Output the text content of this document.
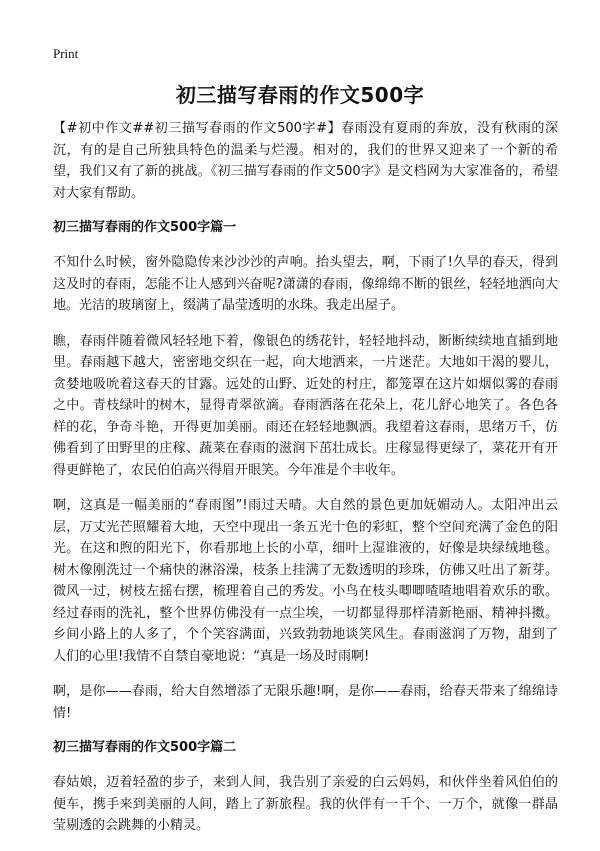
Print
初三描写春雨的作文500字

【#初中作文##初三描写春雨的作文500字#】春雨没有夏雨的奔放，没有秋雨的深沉，有的是自己所独具特色的温柔与烂漫。相对的，我们的世界又迎来了一个新的希望，我们又有了新的挑战。《初三描写春雨的作文500字》是文档网为大家准备的，希望对大家有帮助。

初三描写春雨的作文500字篇一

不知什么时候，窗外隐隐传来沙沙沙的声响。抬头望去，啊，下雨了!久旱的春天，得到这及时的春雨，怎能不让人感到兴奋呢?潇潇的春雨，像绵绵不断的银丝，轻轻地洒向大地。光洁的玻璃窗上，缀满了晶莹透明的水珠。我走出屋子。

瞧，春雨伴随着微风轻轻地下着，像银色的绣花针，轻轻地抖动，断断续续地直插到地里。春雨越下越大，密密地交织在一起，向大地洒来，一片迷茫。大地如干渴的婴儿，贪婪地吸吮着这春天的甘露。远处的山野、近处的村庄，都笼罩在这片如烟似雾的春雨之中。青枝绿叶的树木，显得青翠欲滴。春雨洒落在花朵上，花儿舒心地笑了。各色各样的花，争奇斗艳，开得更加美丽。雨还在轻轻地飘洒。我望着这春雨，思绪万千，仿佛看到了田野里的庄稼、蔬菜在春雨的滋润下茁壮成长。庄稼显得更绿了，菜花开有开得更鲜艳了，农民伯伯高兴得眉开眼笑。今年准是个丰收年。

啊，这真是一幅美丽的“春雨图”!雨过天晴。大自然的景色更加妩媚动人。太阳冲出云层，万丈光芒照耀着大地，天空中现出一条五光十色的彩虹，整个空间充满了金色的阳光。在这和煦的阳光下，你看那地上长的小草，细叶上湿谁液的，好像是块绿绒地毯。树木像刚洗过一个痛快的淋浴澡，枝条上挂满了无数透明的珍珠，仿佛又吐出了新芽。微风一过，树枝左摇右摆，梳理着自己的秀发。小鸟在枝头唧唧喳喳地唱着欢乐的歌。经过春雨的洗礼，整个世界仿佛没有一点尘埃，一切都显得那样清新艳丽、精神抖擞。乡间小路上的人多了，个个笑容满面，兴致勃勃地谈笑风生。春雨滋润了万物，甜到了人们的心里!我情不自禁自豪地说：“真是一场及时雨啊!

啊，是你——春雨，给大自然增添了无限乐趣!啊，是你——春雨，给春天带来了绵绵诗情!

初三描写春雨的作文500字篇二

春姑娘，迈着轻盈的步子，来到人间，我告别了亲爱的白云妈妈，和伙伴坐着风伯伯的便车，携手来到美丽的人间，踏上了新旅程。我的伙伴有一千个、一万个，就像一群晶莹剔透的会跳舞的小精灵。
